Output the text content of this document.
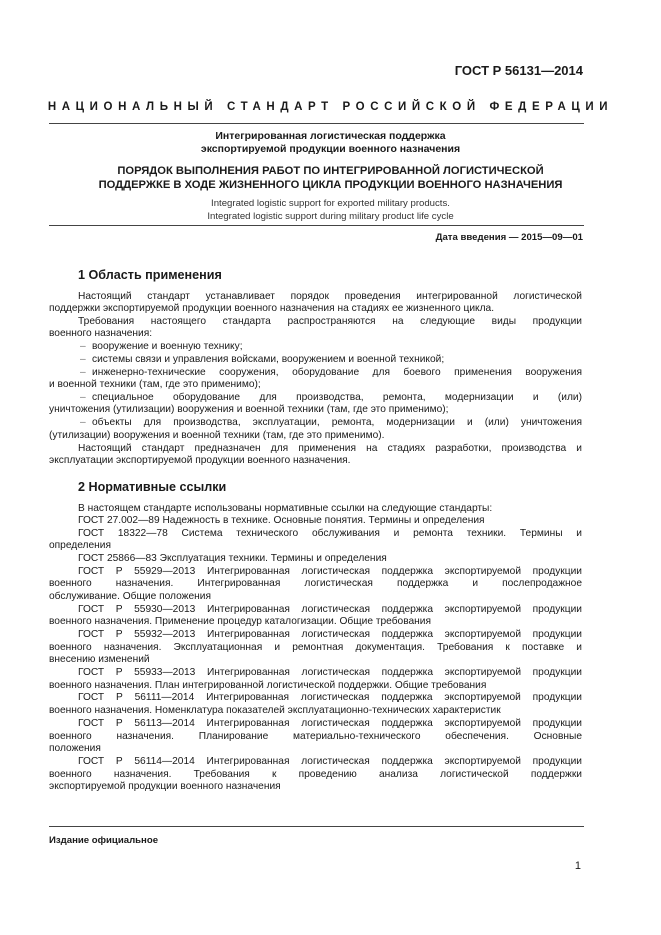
ГОСТ Р 56131—2014
НАЦИОНАЛЬНЫЙ СТАНДАРТ РОССИЙСКОЙ ФЕДЕРАЦИИ
Интегрированная логистическая поддержка
экспортируемой продукции военного назначения
ПОРЯДОК ВЫПОЛНЕНИЯ РАБОТ ПО ИНТЕГРИРОВАННОЙ ЛОГИСТИЧЕСКОЙ
ПОДДЕРЖКЕ В ХОДЕ ЖИЗНЕННОГО ЦИКЛА ПРОДУКЦИИ ВОЕННОГО НАЗНАЧЕНИЯ
Integrated logistic support for exported military products.
Integrated logistic support during military product life cycle
Дата введения — 2015—09—01
1 Область применения
Настоящий стандарт устанавливает порядок проведения интегрированной логистической
поддержки экспортируемой продукции военного назначения на стадиях ее жизненного цикла.
Требования настоящего стандарта распространяются на следующие виды продукции
военного назначения:
– вооружение и военную технику;
– системы связи и управления войсками, вооружением и военной техникой;
– инженерно-технические сооружения, оборудование для боевого применения вооружения
и военной техники (там, где это применимо);
– специальное оборудование для производства, ремонта, модернизации и (или)
уничтожения (утилизации) вооружения и военной техники (там, где это применимо);
– объекты для производства, эксплуатации, ремонта, модернизации и (или) уничтожения
(утилизации) вооружения и военной техники (там, где это применимо).
Настоящий стандарт предназначен для применения на стадиях разработки, производства и
эксплуатации экспортируемой продукции военного назначения.
2 Нормативные ссылки
В настоящем стандарте использованы нормативные ссылки на следующие стандарты:
ГОСТ 27.002—89 Надежность в технике. Основные понятия. Термины и определения
ГОСТ 18322—78 Система технического обслуживания и ремонта техники. Термины и
определения
ГОСТ 25866—83 Эксплуатация техники. Термины и определения
ГОСТ Р 55929—2013 Интегрированная логистическая поддержка экспортируемой продукции
военного назначения. Интегрированная логистическая поддержка и послепродажное
обслуживание. Общие положения
ГОСТ Р 55930—2013 Интегрированная логистическая поддержка экспортируемой продукции
военного назначения. Применение процедур каталогизации. Общие требования
ГОСТ Р 55932—2013 Интегрированная логистическая поддержка экспортируемой продукции
военного назначения. Эксплуатационная и ремонтная документация. Требования к поставке и
внесению изменений
ГОСТ Р 55933—2013 Интегрированная логистическая поддержка экспортируемой продукции
военного назначения. План интегрированной логистической поддержки. Общие требования
ГОСТ Р 56111—2014 Интегрированная логистическая поддержка экспортируемой продукции
военного назначения. Номенклатура показателей эксплуатационно-технических характеристик
ГОСТ Р 56113—2014 Интегрированная логистическая поддержка экспортируемой продукции
военного назначения. Планирование материально-технического обеспечения. Основные
положения
ГОСТ Р 56114—2014 Интегрированная логистическая поддержка экспортируемой продукции
военного назначения. Требования к проведению анализа логистической поддержки
экспортируемой продукции военного назначения
Издание официальное
1
